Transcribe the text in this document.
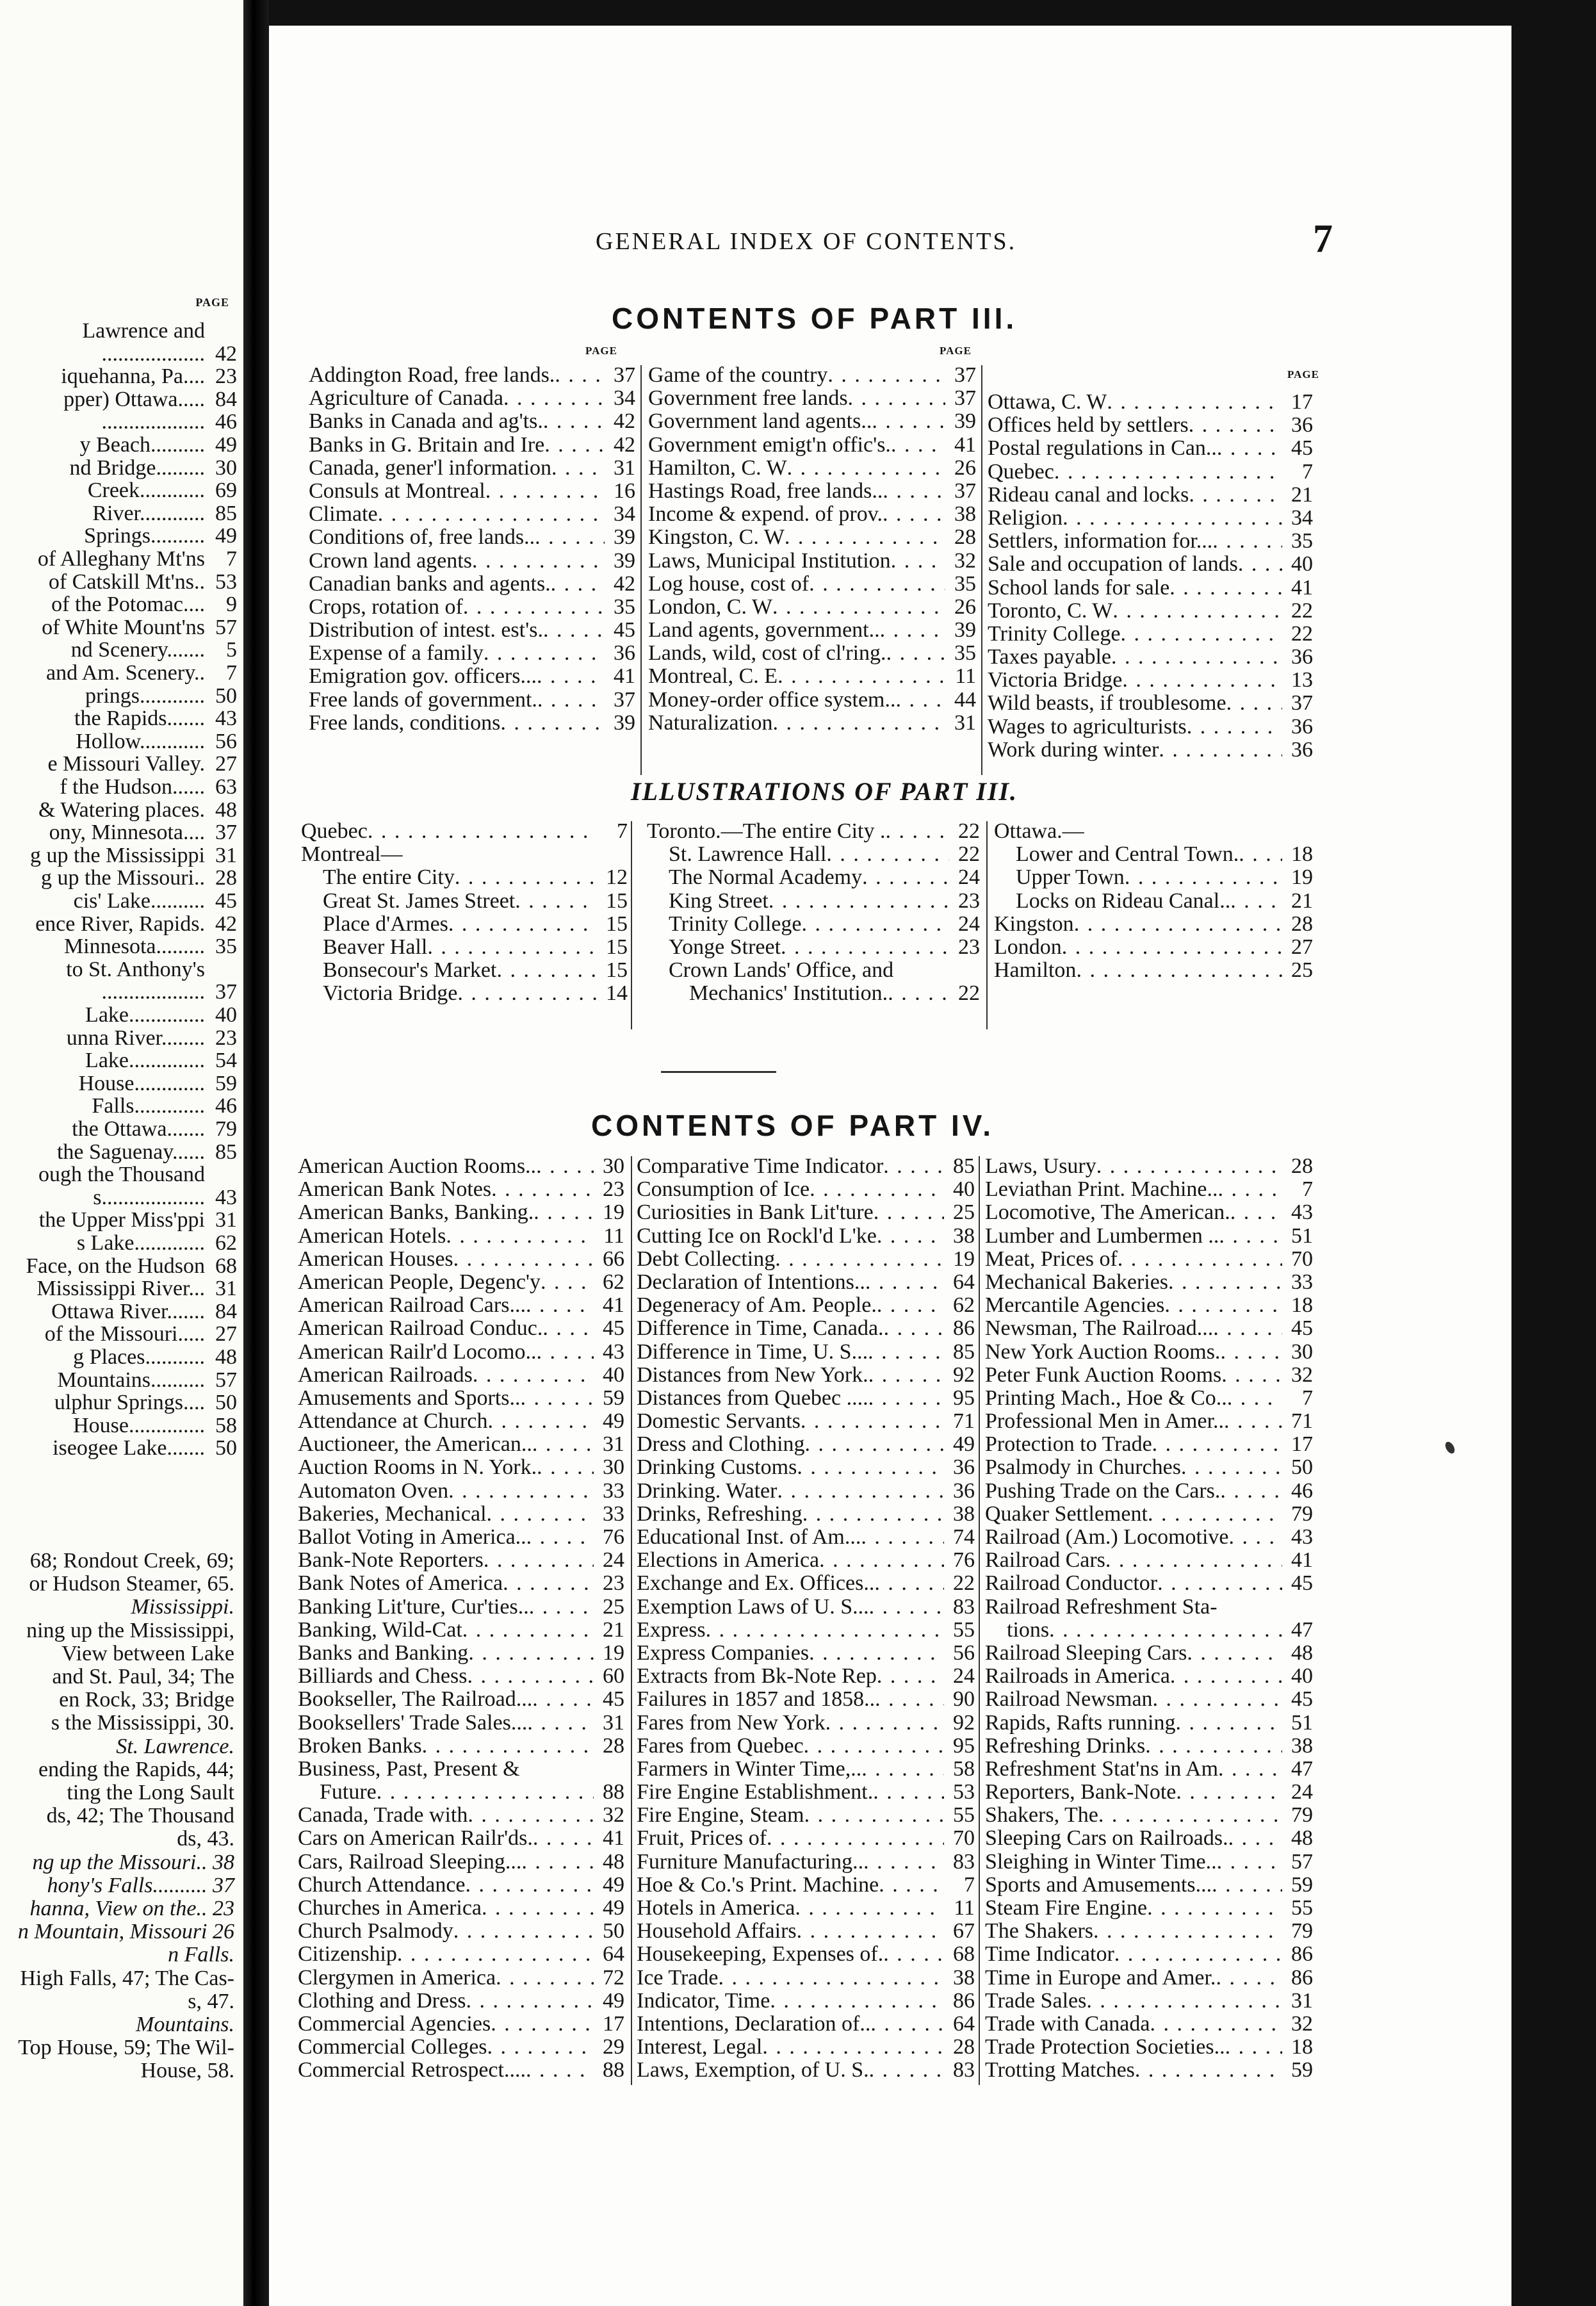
PAGE
Lawrence and
................... 42
iquehanna, Pa.... 23
pper) Ottawa..... 84
................... 46
y Beach.......... 49
nd Bridge......... 30
Creek............ 69
River............ 85
Springs.......... 49
of Alleghany Mt'ns 7
of Catskill Mt'ns.. 53
of the Potomac.... 9
of White Mount'ns 57
nd Scenery....... 5
and Am. Scenery.. 7
prings............ 50
the Rapids....... 43
Hollow............ 56
e Missouri Valley. 27
f the Hudson...... 63
& Watering places. 48
ony, Minnesota.... 37
g up the Mississippi 31
g up the Missouri.. 28
cis' Lake.......... 45
ence River, Rapids. 42
Minnesota......... 35
to St. Anthony's
................... 37
Lake.............. 40
unna River........ 23
Lake.............. 54
House............. 59
Falls............. 46
the Ottawa....... 79
the Saguenay...... 85
ough the Thousand
s................... 43
the Upper Miss'ppi 31
s Lake............. 62
Face, on the Hudson 68
Mississippi River... 31
Ottawa River....... 84
of the Missouri..... 27
g Places........... 48
Mountains.......... 57
ulphur Springs.... 50
House.............. 58
iseogee Lake....... 50
68; Rondout Creek, 69;
or Hudson Steamer, 65.
Mississippi.
ning up the Mississippi,
View between Lake
and St. Paul, 34; The
en Rock, 33; Bridge
s the Mississippi, 30.
St. Lawrence.
ending the Rapids, 44;
ting the Long Sault
ds, 42; The Thousand
ds, 43.
ng up the Missouri.. 38
hony's Falls.......... 37
hanna, View on the.. 23
n Mountain, Missouri 26
n Falls.
High Falls, 47; The Cas-
s, 47.
Mountains.
Top House, 59; The Wil-
House, 58.
GENERAL INDEX OF CONTENTS.	7
CONTENTS OF PART III.
PAGE	PAGE
PAGE
Addington Road, free lands. . . .	37
Agriculture of Canada . . .	34
Banks in Canada and ag'ts. . . .	42
Banks in G. Britain and Ire . . .	42
Canada, gener'l information . . .	31
Consuls at Montreal . . .	16
Climate . . .	34
Conditions of, free lands.. . . .	39
Crown land agents . . .	39
Canadian banks and agents. . . .	42
Crops, rotation of . . .	35
Distribution of intest. est's. . . .	45
Expense of a family . . .	36
Emigration gov. officers... . . .	41
Free lands of government. . . .	37
Free lands, conditions . . .	39
Game of the country . . .	37
Government free lands . . .	37
Government land agents.. . . .	39
Government emigt'n offic's. . . .	41
Hamilton, C. W . . .	26
Hastings Road, free lands.. . . .	37
Income & expend. of prov. . . .	38
Kingston, C. W . . .	28
Laws, Municipal Institution . . .	32
Log house, cost of . . .	35
London, C. W . . .	26
Land agents, government.. . . .	39
Lands, wild, cost of cl'ring. . . .	35
Montreal, C. E . . .	11
Money-order office system.. . . .	44
Naturalization . . .	31
Ottawa, C. W . . .	17
Offices held by settlers . . .	36
Postal regulations in Can.. . . .	45
Quebec . . .	7
Rideau canal and locks . . .	21
Religion . . .	34
Settlers, information for... . . .	35
Sale and occupation of lands . . .	40
School lands for sale . . .	41
Toronto, C. W . . .	22
Trinity College . . .	22
Taxes payable . . .	36
Victoria Bridge . . .	13
Wild beasts, if troublesome . . .	37
Wages to agriculturists . . .	36
Work during winter . . .	36
ILLUSTRATIONS OF PART III.
Quebec . . .	7
Montreal—
The entire City . . .	12
Great St. James Street . . .	15
Place d'Armes . . .	15
Beaver Hall . . .	15
Bonsecour's Market . . .	15
Victoria Bridge . . .	14
Toronto.—The entire City . . . .	22
St. Lawrence Hall . . .	22
The Normal Academy . . .	24
King Street . . .	23
Trinity College . . .	24
Yonge Street . . .	23
Crown Lands' Office, and
Mechanics' Institution. . . .	22
Ottawa.—
Lower and Central Town. . . .	18
Upper Town . . .	19
Locks on Rideau Canal.. . . .	21
Kingston . . .	28
London . . .	27
Hamilton . . .	25
CONTENTS OF PART IV.
American Auction Rooms.. . . .	30
American Bank Notes . . .	23
American Banks, Banking. . . .	19
American Hotels . . .	11
American Houses . . .	66
American People, Degenc'y . . .	62
American Railroad Cars... . . .	41
American Railroad Conduc. . . .	45
American Railr'd Locomo.. . . .	43
American Railroads . . .	40
Amusements and Sports.. . . .	59
Attendance at Church . . .	49
Auctioneer, the American.. . . .	31
Auction Rooms in N. York. . . .	30
Automaton Oven . . .	33
Bakeries, Mechanical . . .	33
Ballot Voting in America.. . . .	76
Bank-Note Reporters . . .	24
Bank Notes of America . . .	23
Banking Lit'ture, Cur'ties.. . . .	25
Banking, Wild-Cat . . .	21
Banks and Banking . . .	19
Billiards and Chess . . .	60
Bookseller, The Railroad... . . .	45
Booksellers' Trade Sales... . . .	31
Broken Banks . . .	28
Business, Past, Present &
Future . . .	88
Canada, Trade with . . .	32
Cars on American Railr'ds. . . .	41
Cars, Railroad Sleeping... . . .	48
Church Attendance . . .	49
Churches in America . . .	49
Church Psalmody . . .	50
Citizenship . . .	64
Clergymen in America . . .	72
Clothing and Dress . . .	49
Commercial Agencies . . .	17
Commercial Colleges . . .	29
Commercial Retrospect.... . . .	88
Comparative Time Indicator . . .	85
Consumption of Ice . . .	40
Curiosities in Bank Lit'ture . . .	25
Cutting Ice on Rockl'd L'ke . . .	38
Debt Collecting . . .	19
Declaration of Intentions.. . . .	64
Degeneracy of Am. People. . . .	62
Difference in Time, Canada. . . .	86
Difference in Time, U. S... . . .	85
Distances from New York. . . .	92
Distances from Quebec .... . . .	95
Domestic Servants . . .	71
Dress and Clothing . . .	49
Drinking Customs . . .	36
Drinking. Water . . .	36
Drinks, Refreshing . . .	38
Educational Inst. of Am... . . .	74
Elections in America . . .	76
Exchange and Ex. Offices.. . . .	22
Exemption Laws of U. S... . . .	83
Express . . .	55
Express Companies . . .	56
Extracts from Bk-Note Rep . . .	24
Failures in 1857 and 1858.. . . .	90
Fares from New York . . .	92
Fares from Quebec . . .	95
Farmers in Winter Time,.. . . .	58
Fire Engine Establishment. . . .	53
Fire Engine, Steam . . .	55
Fruit, Prices of . . .	70
Furniture Manufacturing.. . . .	83
Hoe & Co.'s Print. Machine . . .	7
Hotels in America . . .	11
Household Affairs . . .	67
Housekeeping, Expenses of. . . .	68
Ice Trade . . .	38
Indicator, Time . . .	86
Intentions, Declaration of.. . . .	64
Interest, Legal . . .	28
Laws, Exemption, of U. S. . . .	83
Laws, Usury . . .	28
Leviathan Print. Machine.. . . .	7
Locomotive, The American. . . .	43
Lumber and Lumbermen .. . . .	51
Meat, Prices of . . .	70
Mechanical Bakeries . . .	33
Mercantile Agencies . . .	18
Newsman, The Railroad... . . .	45
New York Auction Rooms. . . .	30
Peter Funk Auction Rooms . . .	32
Printing Mach., Hoe & Co.. . . .	7
Professional Men in Amer.. . . .	71
Protection to Trade . . .	17
Psalmody in Churches . . .	50
Pushing Trade on the Cars. . . .	46
Quaker Settlement . . .	79
Railroad (Am.) Locomotive . . .	43
Railroad Cars . . .	41
Railroad Conductor . . .	45
Railroad Refreshment Sta-
tions . . .	47
Railroad Sleeping Cars . . .	48
Railroads in America . . .	40
Railroad Newsman . . .	45
Rapids, Rafts running . . .	51
Refreshing Drinks . . .	38
Refreshment Stat'ns in Am . . .	47
Reporters, Bank-Note . . .	24
Shakers, The . . .	79
Sleeping Cars on Railroads. . . .	48
Sleighing in Winter Time.. . . .	57
Sports and Amusements... . . .	59
Steam Fire Engine . . .	55
The Shakers . . .	79
Time Indicator . . .	86
Time in Europe and Amer. . . .	86
Trade Sales . . .	31
Trade with Canada . . .	32
Trade Protection Societies.. . . .	18
Trotting Matches . . .	59
